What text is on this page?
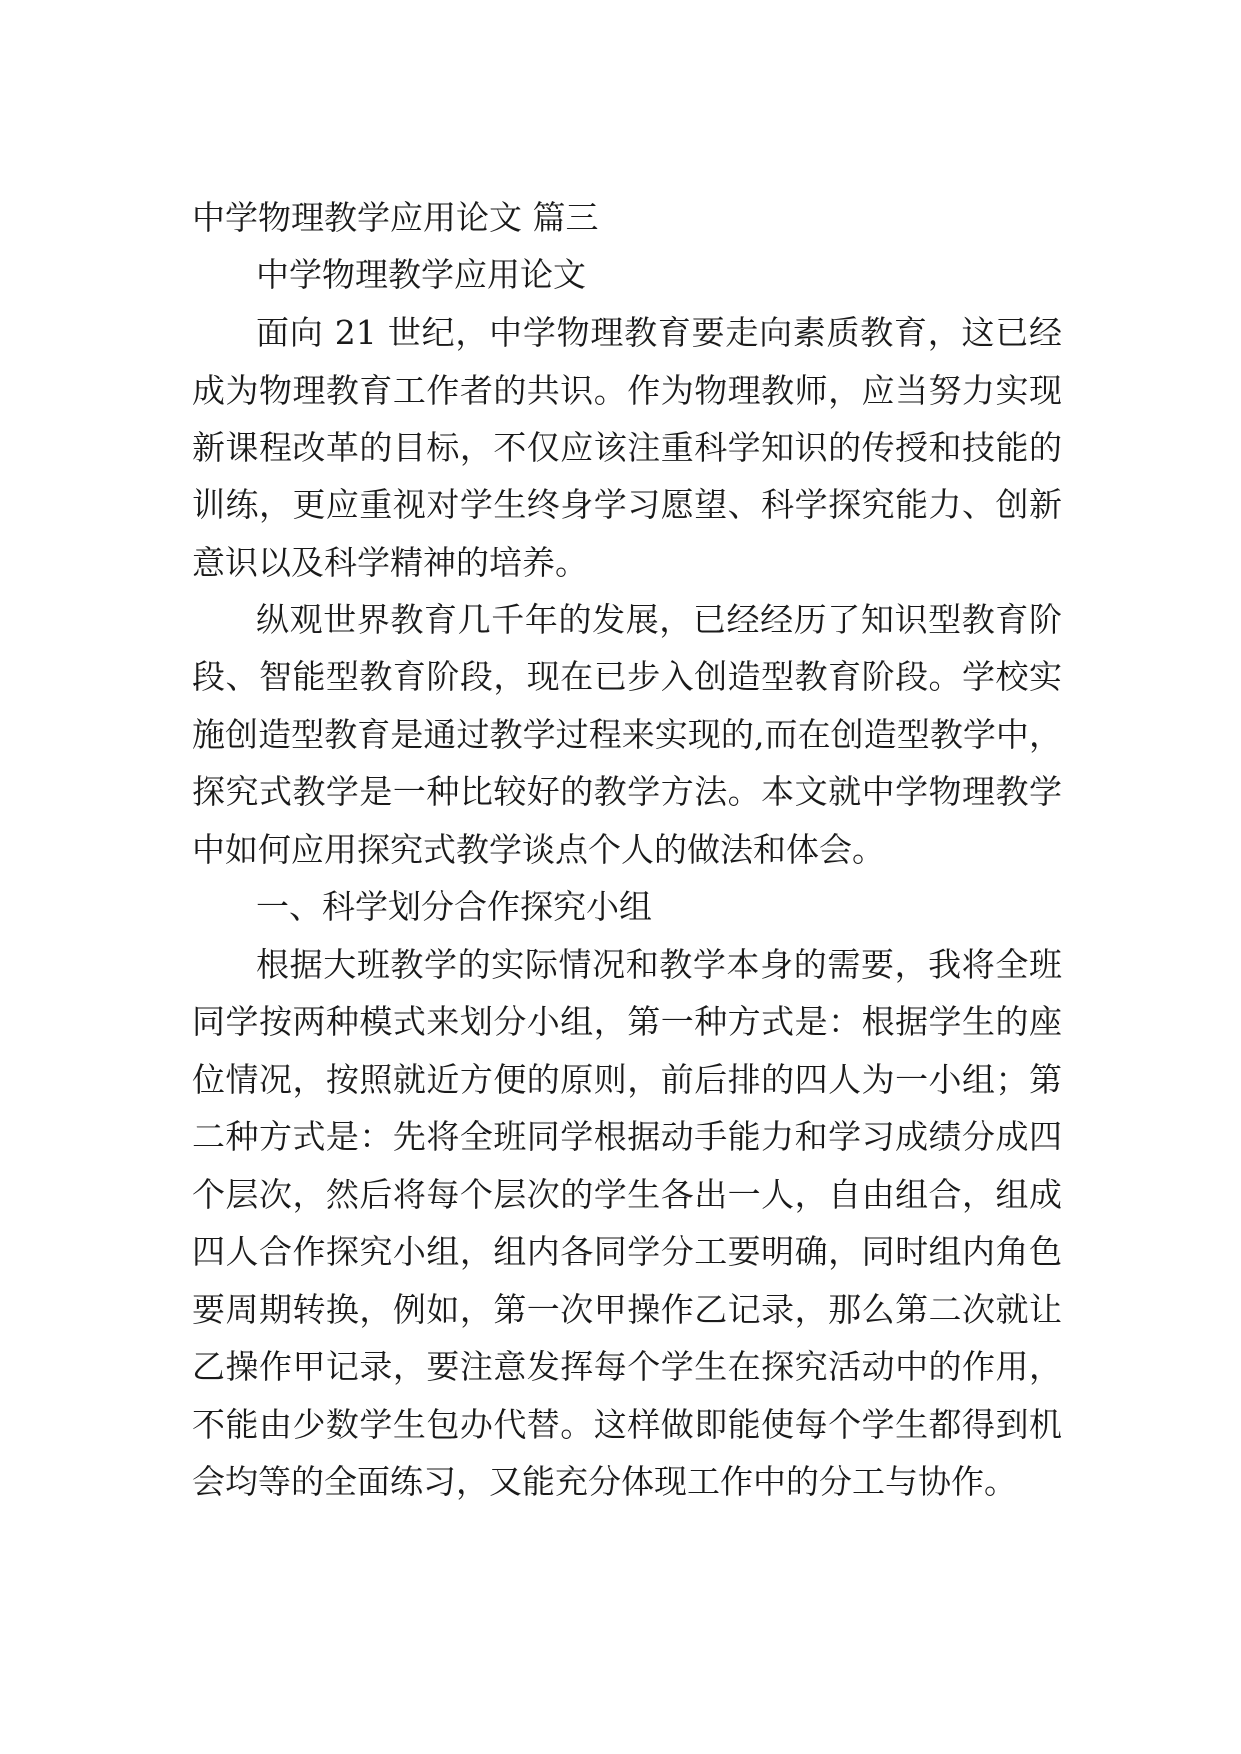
中学物理教学应用论文 篇三
中学物理教学应用论文
面向 21 世纪，中学物理教育要走向素质教育，这已经
成为物理教育工作者的共识。作为物理教师，应当努力实现
新课程改革的目标，不仅应该注重科学知识的传授和技能的
训练，更应重视对学生终身学习愿望、科学探究能力、创新
意识以及科学精神的培养。
纵观世界教育几千年的发展，已经经历了知识型教育阶
段、智能型教育阶段，现在已步入创造型教育阶段。学校实
施创造型教育是通过教学过程来实现的,而在创造型教学中，
探究式教学是一种比较好的教学方法。本文就中学物理教学
中如何应用探究式教学谈点个人的做法和体会。
一、科学划分合作探究小组
根据大班教学的实际情况和教学本身的需要，我将全班
同学按两种模式来划分小组，第一种方式是：根据学生的座
位情况，按照就近方便的原则，前后排的四人为一小组；第
二种方式是：先将全班同学根据动手能力和学习成绩分成四
个层次，然后将每个层次的学生各出一人，自由组合，组成
四人合作探究小组，组内各同学分工要明确，同时组内角色
要周期转换，例如，第一次甲操作乙记录，那么第二次就让
乙操作甲记录，要注意发挥每个学生在探究活动中的作用，
不能由少数学生包办代替。这样做即能使每个学生都得到机
会均等的全面练习，又能充分体现工作中的分工与协作。
